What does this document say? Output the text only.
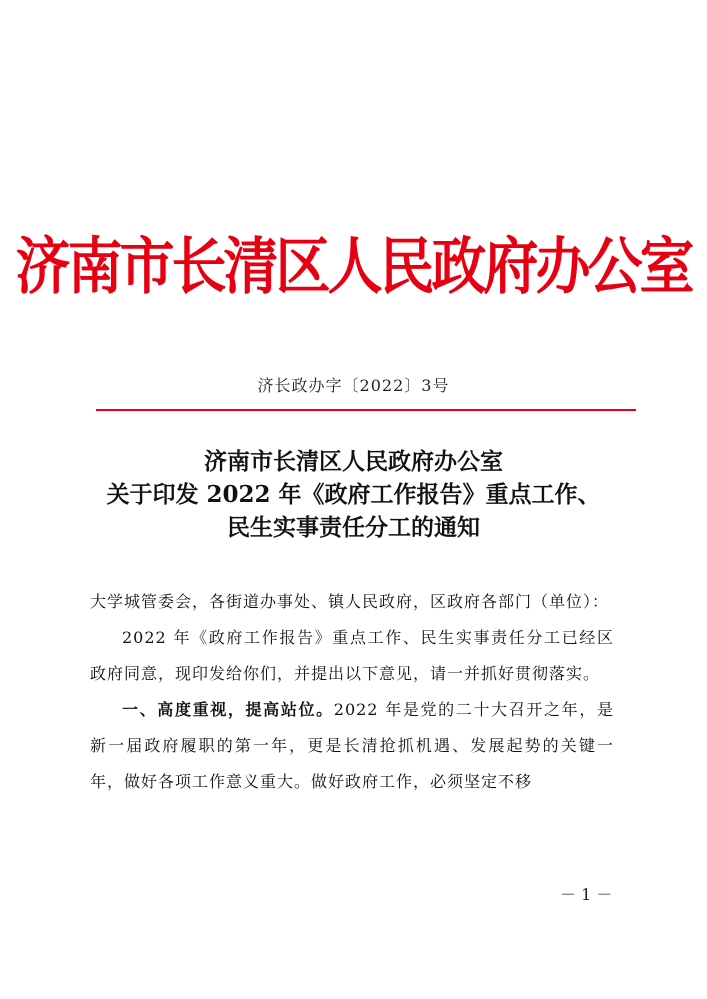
济南市长清区人民政府办公室
济长政办字〔2022〕3号
济南市长清区人民政府办公室
关于印发 2022 年《政府工作报告》重点工作、
民生实事责任分工的通知

大学城管委会，各街道办事处、镇人民政府，区政府各部门（单位）：

2022 年《政府工作报告》重点工作、民生实事责任分工已经区政府同意，现印发给你们，并提出以下意见，请一并抓好贯彻落实。

一、高度重视，提高站位。2022 年是党的二十大召开之年，是新一届政府履职的第一年，更是长清抢抓机遇、发展起势的关键一年，做好各项工作意义重大。做好政府工作，必须坚定不移

－ 1 －
